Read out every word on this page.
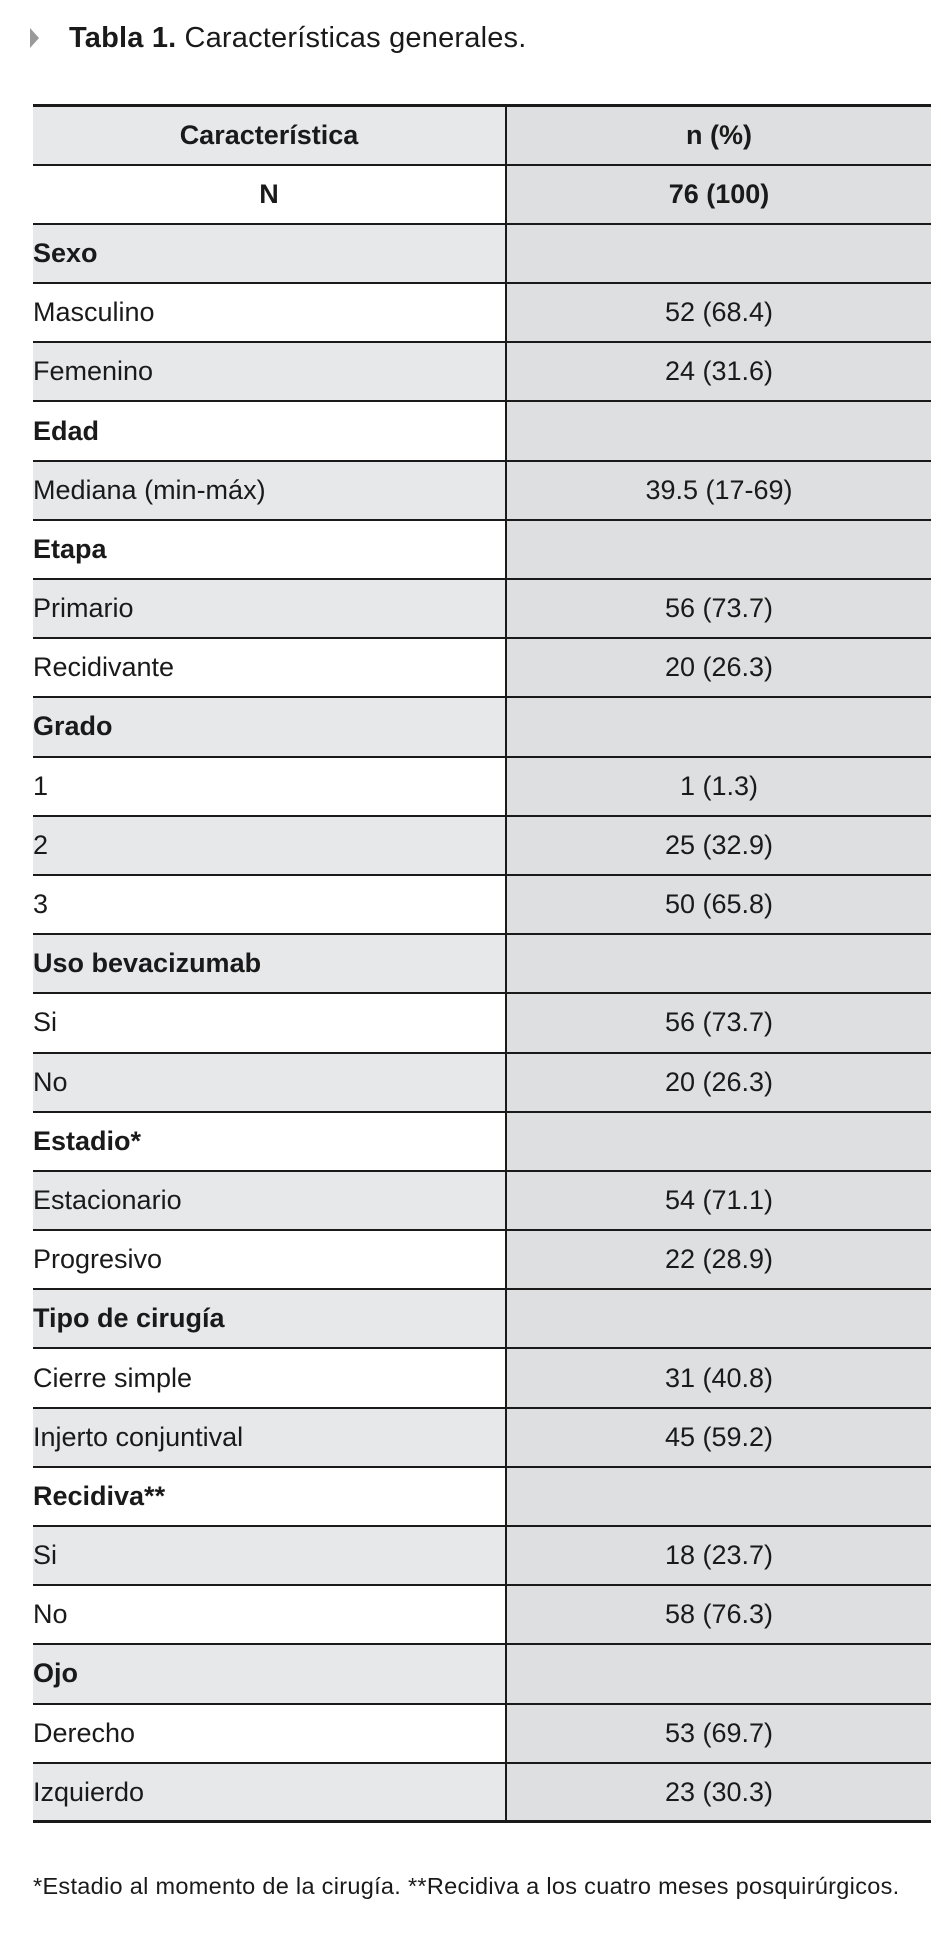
Tabla 1. Características generales.
Característica	n (%)
N	76 (100)
Sexo	
Masculino	52 (68.4)
Femenino	24 (31.6)
Edad	
Mediana (min-máx)	39.5 (17-69)
Etapa	
Primario	56 (73.7)
Recidivante	20 (26.3)
Grado	
1	1 (1.3)
2	25 (32.9)
3	50 (65.8)
Uso bevacizumab	
Si	56 (73.7)
No	20 (26.3)
Estadio*	
Estacionario	54 (71.1)
Progresivo	22 (28.9)
Tipo de cirugía	
Cierre simple	31 (40.8)
Injerto conjuntival	45 (59.2)
Recidiva**	
Si	18 (23.7)
No	58 (76.3)
Ojo	
Derecho	53 (69.7)
Izquierdo	23 (30.3)
*Estadio al momento de la cirugía. **Recidiva a los cuatro meses posquirúrgicos.
